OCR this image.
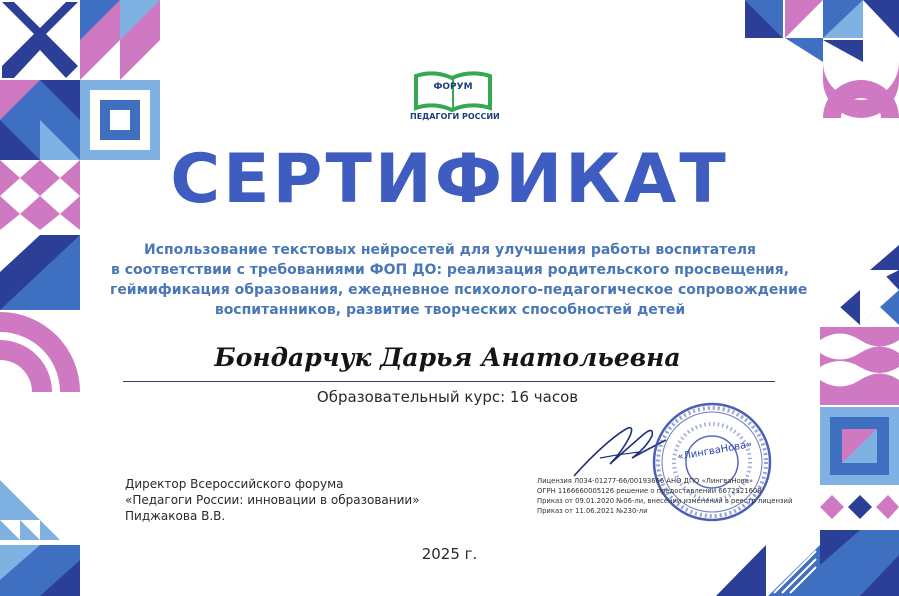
ФОРУМ
ПЕДАГОГИ РОССИИ
СЕРТИФИКАТ
Использование текстовых нейросетей для улучшения работы воспитателя
в соответствии с требованиями ФОП ДО: реализация родительского просвещения,
геймификация образования, ежедневное психолого-педагогическое сопровождение
воспитанников, развитие творческих способностей детей
Бондарчук Дарья Анатольевна
Образовательный курс: 16 часов
Директор Всероссийского форума
«Педагоги России: инновации в образовании»
Пиджакова В.В.
«ЛингваНова»
Лицензия Л034-01277-66/00193666 АНО ДПО «ЛингваНова»
ОГРН 1166660005126 решение о предоставлении 6672321608
Приказ от 09.01.2020 №06-ли, внесении изменений в реестр лицензий
Приказ от 11.06.2021 №230-ли
2025 г.
